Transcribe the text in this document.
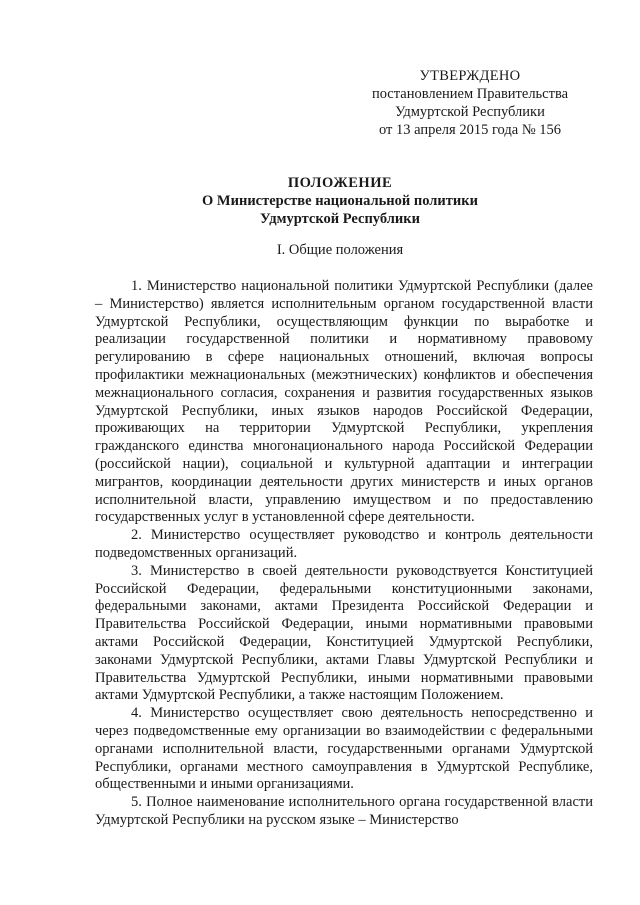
УТВЕРЖДЕНО
постановлением Правительства
Удмуртской Республики
от 13 апреля 2015 года № 156
ПОЛОЖЕНИЕ
О Министерстве национальной политики
Удмуртской Республики
I. Общие положения

1. Министерство национальной политики Удмуртской Республики (далее – Министерство) является исполнительным органом государственной власти Удмуртской Республики, осуществляющим функции по выработке и реализации государственной политики и нормативному правовому регулированию в сфере национальных отношений, включая вопросы профилактики межнациональных (межэтнических) конфликтов и обеспечения межнационального согласия, сохранения и развития государственных языков Удмуртской Республики, иных языков народов Российской Федерации, проживающих на территории Удмуртской Республики, укрепления гражданского единства многонационального народа Российской Федерации (российской нации), социальной и культурной адаптации и интеграции мигрантов, координации деятельности других министерств и иных органов исполнительной власти, управлению имуществом и по предоставлению государственных услуг в установленной сфере деятельности.

2. Министерство осуществляет руководство и контроль деятельности подведомственных организаций.

3. Министерство в своей деятельности руководствуется Конституцией Российской Федерации, федеральными конституционными законами, федеральными законами, актами Президента Российской Федерации и Правительства Российской Федерации, иными нормативными правовыми актами Российской Федерации, Конституцией Удмуртской Республики, законами Удмуртской Республики, актами Главы Удмуртской Республики и Правительства Удмуртской Республики, иными нормативными правовыми актами Удмуртской Республики, а также настоящим Положением.

4. Министерство осуществляет свою деятельность непосредственно и через подведомственные ему организации во взаимодействии с федеральными органами исполнительной власти, государственными органами Удмуртской Республики, органами местного самоуправления в Удмуртской Республике, общественными и иными организациями.

5. Полное наименование исполнительного органа государственной власти Удмуртской Республики на русском языке – Министерство
